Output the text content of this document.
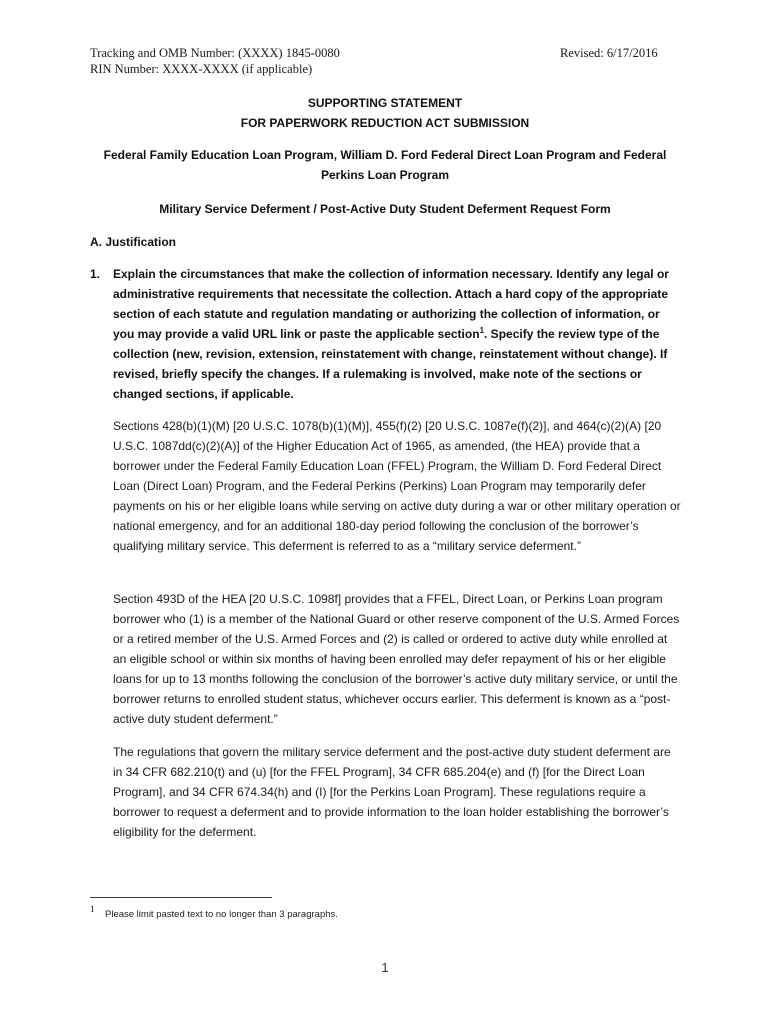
Tracking and OMB Number: (XXXX) 1845-0080
RIN Number: XXXX-XXXX (if applicable)
Revised: 6/17/2016
SUPPORTING STATEMENT
FOR PAPERWORK REDUCTION ACT SUBMISSION
Federal Family Education Loan Program, William D. Ford Federal Direct Loan Program and Federal Perkins Loan Program
Military Service Deferment / Post-Active Duty Student Deferment Request Form
A. Justification
1. Explain the circumstances that make the collection of information necessary. Identify any legal or administrative requirements that necessitate the collection. Attach a hard copy of the appropriate section of each statute and regulation mandating or authorizing the collection of information, or you may provide a valid URL link or paste the applicable section$^1$. Specify the review type of the collection (new, revision, extension, reinstatement with change, reinstatement without change). If revised, briefly specify the changes. If a rulemaking is involved, make note of the sections or changed sections, if applicable.

Sections 428(b)(1)(M) [20 U.S.C. 1078(b)(1)(M)], 455(f)(2) [20 U.S.C. 1087e(f)(2)], and 464(c)(2)(A) [20 U.S.C. 1087dd(c)(2)(A)] of the Higher Education Act of 1965, as amended, (the HEA) provide that a borrower under the Federal Family Education Loan (FFEL) Program, the William D. Ford Federal Direct Loan (Direct Loan) Program, and the Federal Perkins (Perkins) Loan Program may temporarily defer payments on his or her eligible loans while serving on active duty during a war or other military operation or national emergency, and for an additional 180-day period following the conclusion of the borrower’s qualifying military service. This deferment is referred to as a “military service deferment.”

Section 493D of the HEA [20 U.S.C. 1098f] provides that a FFEL, Direct Loan, or Perkins Loan program borrower who (1) is a member of the National Guard or other reserve component of the U.S. Armed Forces or a retired member of the U.S. Armed Forces and (2) is called or ordered to active duty while enrolled at an eligible school or within six months of having been enrolled may defer repayment of his or her eligible loans for up to 13 months following the conclusion of the borrower’s active duty military service, or until the borrower returns to enrolled student status, whichever occurs earlier. This deferment is known as a “post-active duty student deferment.”

The regulations that govern the military service deferment and the post-active duty student deferment are in 34 CFR 682.210(t) and (u) [for the FFEL Program], 34 CFR 685.204(e) and (f) [for the Direct Loan Program], and 34 CFR 674.34(h) and (I) [for the Perkins Loan Program]. These regulations require a borrower to request a deferment and to provide information to the loan holder establishing the borrower’s eligibility for the deferment.

1 Please limit pasted text to no longer than 3 paragraphs.
1
